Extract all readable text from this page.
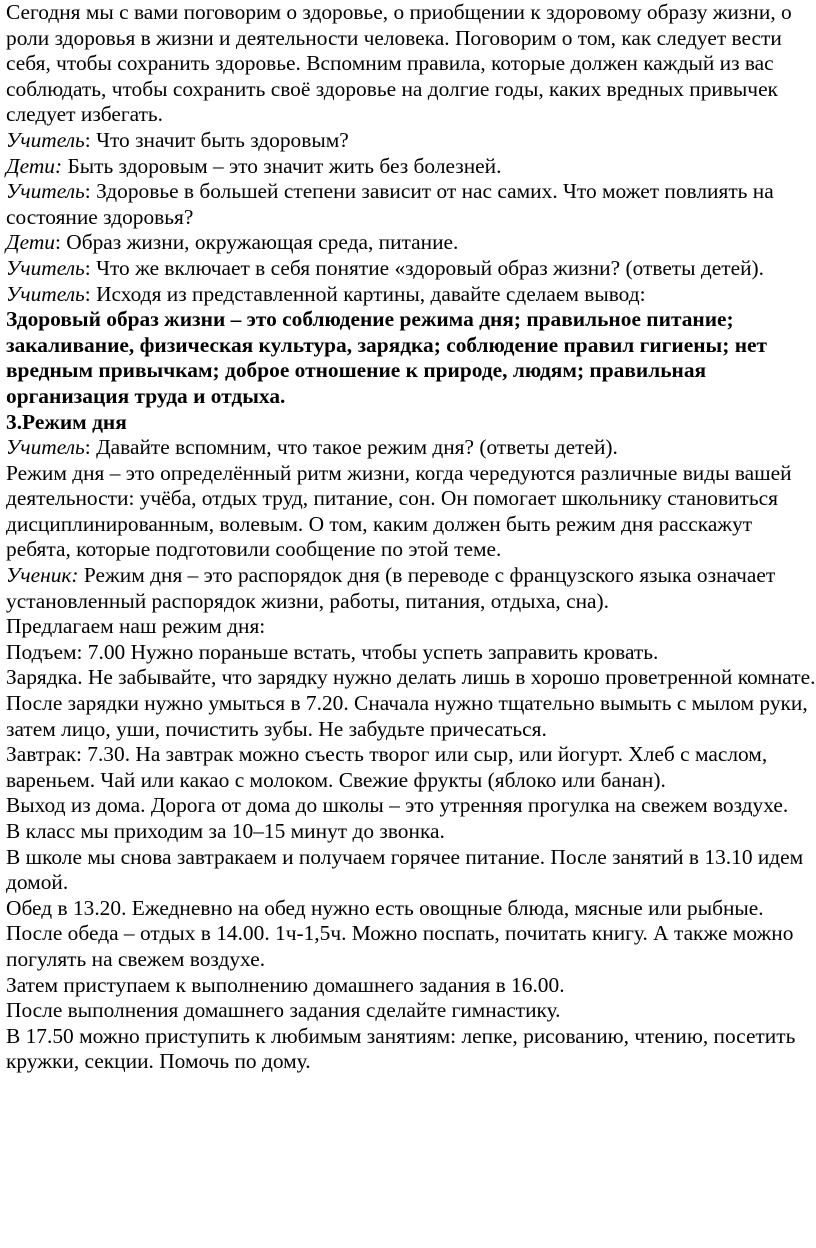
Сегодня мы с вами поговорим о здоровье, о приобщении к здоровому образу жизни, о роли здоровья в жизни и деятельности человека. Поговорим о том, как следует вести себя, чтобы сохранить здоровье. Вспомним правила, которые должен каждый из вас соблюдать, чтобы сохранить своё здоровье на долгие годы, каких вредных привычек следует избегать.

Учитель: Что значит быть здоровым?

Дети: Быть здоровым – это значит жить без болезней.

Учитель: Здоровье в большей степени зависит от нас самих. Что может повлиять на состояние здоровья?

Дети: Образ жизни, окружающая среда, питание.

Учитель: Что же включает в себя понятие «здоровый образ жизни? (ответы детей).

Учитель: Исходя из представленной картины, давайте сделаем вывод:

Здоровый образ жизни – это соблюдение режима дня; правильное питание; закаливание, физическая культура, зарядка; соблюдение правил гигиены; нет вредным привычкам; доброе отношение к природе, людям; правильная организация труда и отдыха.

3.Режим дня

Учитель: Давайте вспомним, что такое режим дня? (ответы детей).

Режим дня – это определённый ритм жизни, когда чередуются различные виды вашей деятельности: учёба, отдых труд, питание, сон. Он помогает школьнику становиться дисциплинированным, волевым. О том, каким должен быть режим дня расскажут ребята, которые подготовили сообщение по этой теме.

Ученик: Режим дня – это распорядок дня (в переводе с французского языка означает установленный распорядок жизни, работы, питания, отдыха, сна).

Предлагаем наш режим дня:

Подъем: 7.00 Нужно пораньше встать, чтобы успеть заправить кровать.

Зарядка. Не забывайте, что зарядку нужно делать лишь в хорошо проветренной комнате. После зарядки нужно умыться в 7.20. Сначала нужно тщательно вымыть с мылом руки, затем лицо, уши, почистить зубы. Не забудьте причесаться.

Завтрак: 7.30. На завтрак можно съесть творог или сыр, или йогурт. Хлеб с маслом, вареньем. Чай или какао с молоком. Свежие фрукты (яблоко или банан).

Выход из дома. Дорога от дома до школы – это утренняя прогулка на свежем воздухе.

В класс мы приходим за 10–15 минут до звонка.

В школе мы снова завтракаем и получаем горячее питание. После занятий в 13.10 идем домой.

Обед в 13.20. Ежедневно на обед нужно есть овощные блюда, мясные или рыбные. После обеда – отдых в 14.00. 1ч-1,5ч. Можно поспать, почитать книгу. А также можно погулять на свежем воздухе.

Затем приступаем к выполнению домашнего задания в 16.00.

После выполнения домашнего задания сделайте гимнастику.

В 17.50 можно приступить к любимым занятиям: лепке, рисованию, чтению, посетить кружки, секции. Помочь по дому.
